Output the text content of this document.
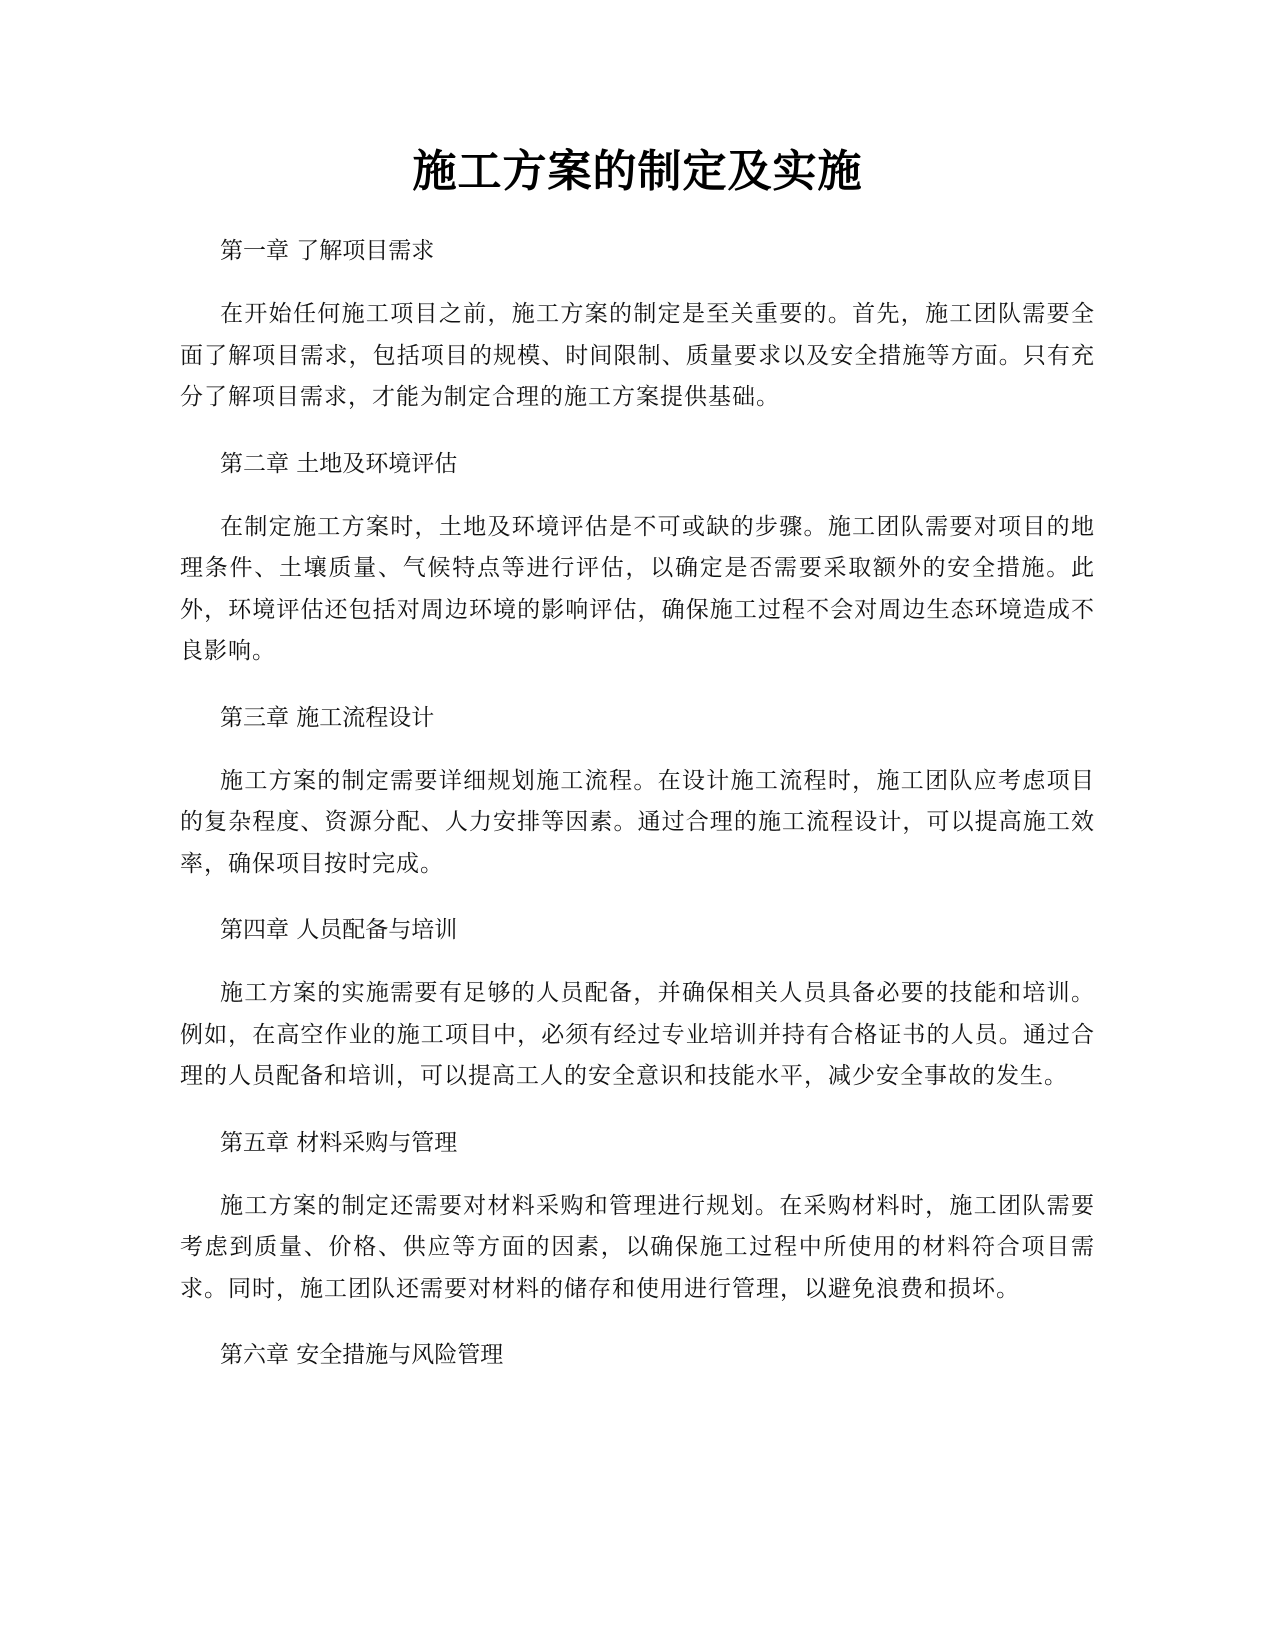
施工方案的制定及实施

第一章 了解项目需求

在开始任何施工项目之前，施工方案的制定是至关重要的。首先，施工团队需要全面了解项目需求，包括项目的规模、时间限制、质量要求以及安全措施等方面。只有充分了解项目需求，才能为制定合理的施工方案提供基础。

第二章 土地及环境评估

在制定施工方案时，土地及环境评估是不可或缺的步骤。施工团队需要对项目的地理条件、土壤质量、气候特点等进行评估，以确定是否需要采取额外的安全措施。此外，环境评估还包括对周边环境的影响评估，确保施工过程不会对周边生态环境造成不良影响。

第三章 施工流程设计

施工方案的制定需要详细规划施工流程。在设计施工流程时，施工团队应考虑项目的复杂程度、资源分配、人力安排等因素。通过合理的施工流程设计，可以提高施工效率，确保项目按时完成。

第四章 人员配备与培训

施工方案的实施需要有足够的人员配备，并确保相关人员具备必要的技能和培训。例如，在高空作业的施工项目中，必须有经过专业培训并持有合格证书的人员。通过合理的人员配备和培训，可以提高工人的安全意识和技能水平，减少安全事故的发生。

第五章 材料采购与管理

施工方案的制定还需要对材料采购和管理进行规划。在采购材料时，施工团队需要考虑到质量、价格、供应等方面的因素，以确保施工过程中所使用的材料符合项目需求。同时，施工团队还需要对材料的储存和使用进行管理，以避免浪费和损坏。

第六章 安全措施与风险管理
